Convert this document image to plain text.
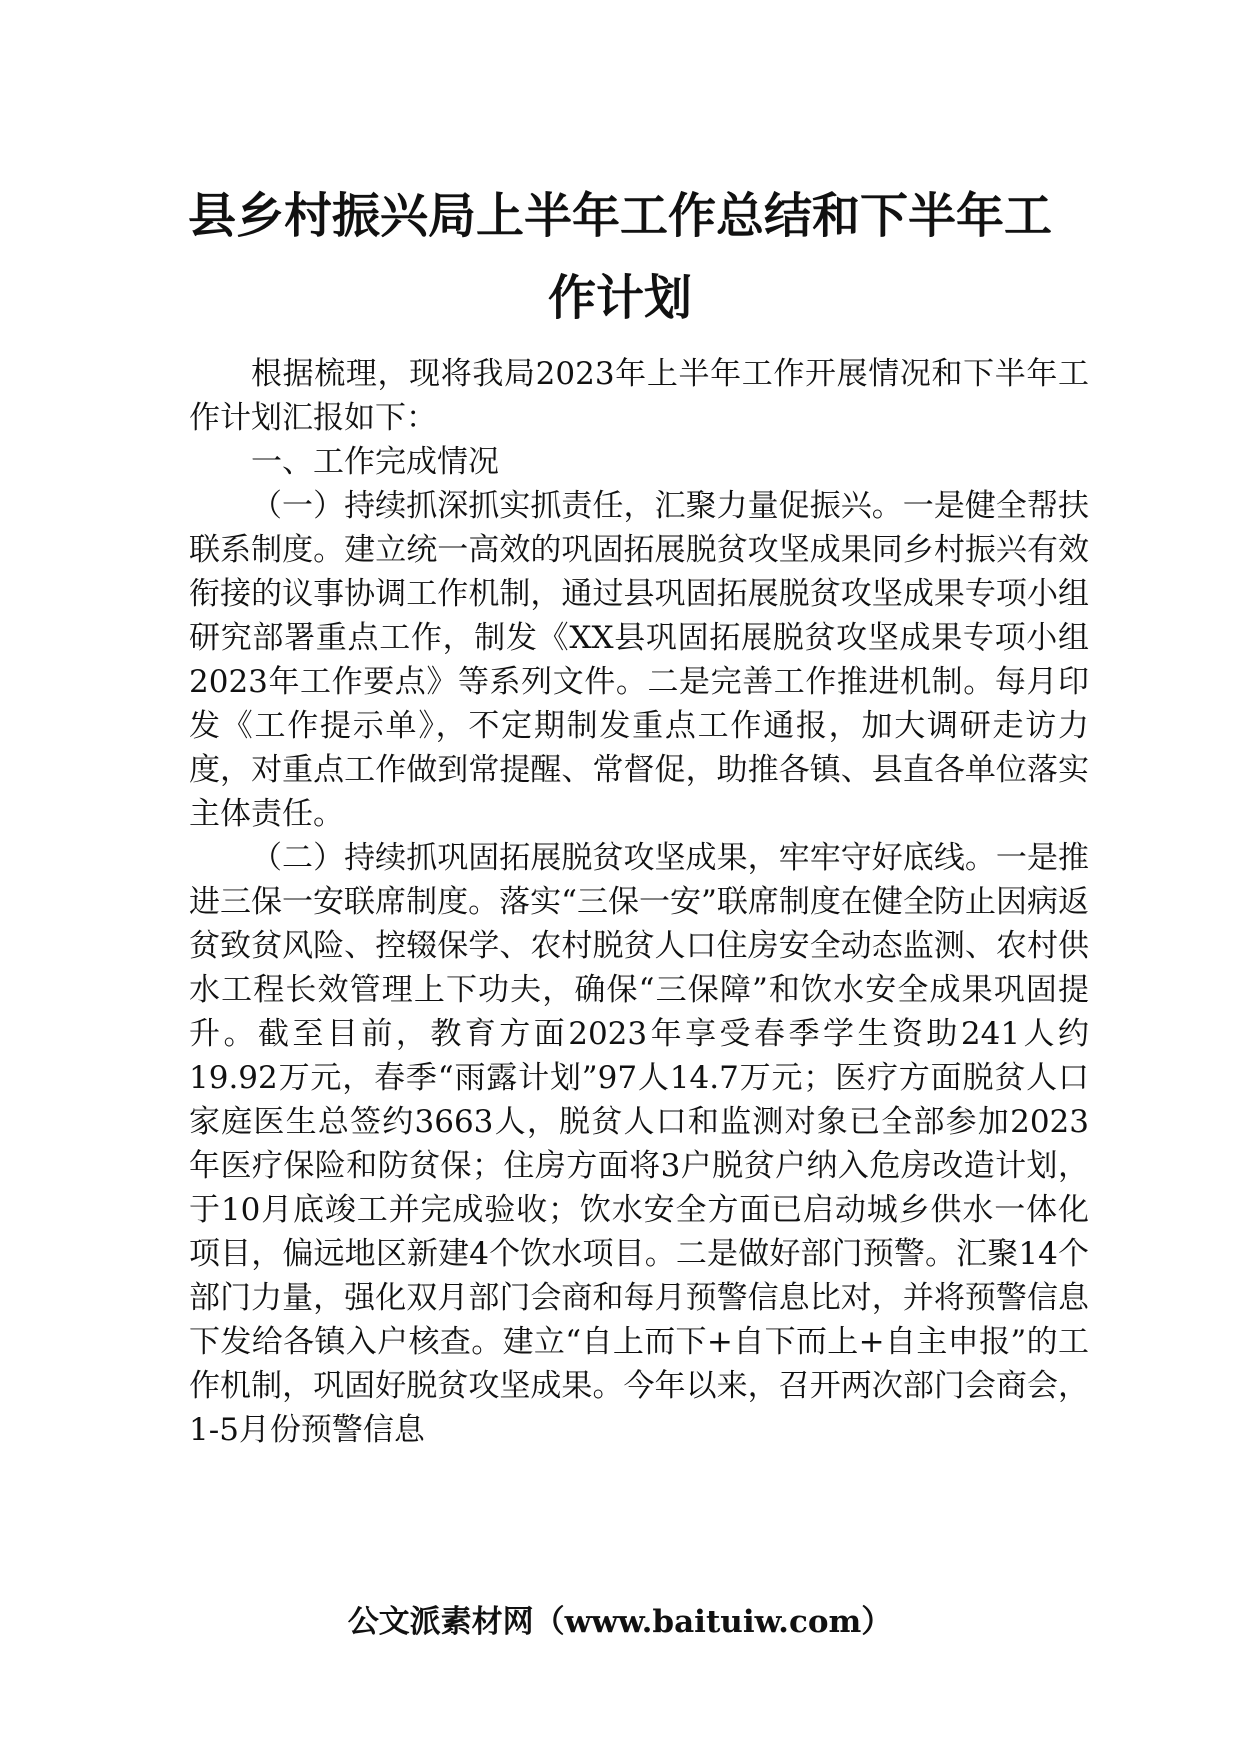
县乡村振兴局上半年工作总结和下半年工
作计划

根据梳理，现将我局2023年上半年工作开展情况和下半年工作计划汇报如下：

一、工作完成情况

（一）持续抓深抓实抓责任，汇聚力量促振兴。一是健全帮扶联系制度。建立统一高效的巩固拓展脱贫攻坚成果同乡村振兴有效衔接的议事协调工作机制，通过县巩固拓展脱贫攻坚成果专项小组研究部署重点工作，制发《XX县巩固拓展脱贫攻坚成果专项小组2023年工作要点》等系列文件。二是完善工作推进机制。每月印发《工作提示单》，不定期制发重点工作通报，加大调研走访力度，对重点工作做到常提醒、常督促，助推各镇、县直各单位落实主体责任。

（二）持续抓巩固拓展脱贫攻坚成果，牢牢守好底线。一是推进三保一安联席制度。落实“三保一安”联席制度在健全防止因病返贫致贫风险、控辍保学、农村脱贫人口住房安全动态监测、农村供水工程长效管理上下功夫，确保“三保障”和饮水安全成果巩固提升。截至目前，教育方面2023年享受春季学生资助241人约19.92万元，春季“雨露计划”97人14.7万元；医疗方面脱贫人口家庭医生总签约3663人，脱贫人口和监测对象已全部参加2023年医疗保险和防贫保；住房方面将3户脱贫户纳入危房改造计划，于10月底竣工并完成验收；饮水安全方面已启动城乡供水一体化项目，偏远地区新建4个饮水项目。二是做好部门预警。汇聚14个部门力量，强化双月部门会商和每月预警信息比对，并将预警信息下发给各镇入户核查。建立“自上而下+自下而上+自主申报”的工作机制，巩固好脱贫攻坚成果。今年以来，召开两次部门会商会，1-5月份预警信息

公文派素材网（www.baituiw.com）
